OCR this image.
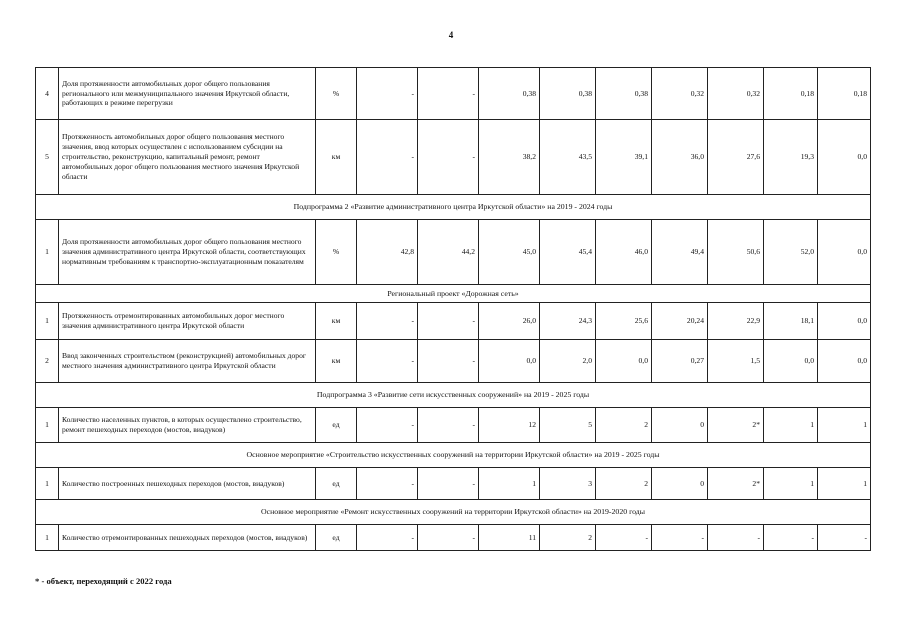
4
4	Доля протяженности автомобильных дорог общего пользования регионального или межмуниципального значения Иркутской области, работающих в режиме перегрузки	%	-	-	0,38	0,38	0,38	0,32	0,32	0,18	0,18
5	Протяженность автомобильных дорог общего пользования местного значения, ввод которых осуществлен с использованием субсидии на строительство, реконструкцию, капитальный ремонт, ремонт автомобильных дорог общего пользования местного значения Иркутской области	км	-	-	38,2	43,5	39,1	36,0	27,6	19,3	0,0
Подпрограмма 2 «Развитие административного центра Иркутской области» на 2019 - 2024 годы											
1	Доля протяженности автомобильных дорог общего пользования местного значения административного центра Иркутской области, соответствующих нормативным требованиям к транспортно-эксплуатационным показателям	%	42,8	44,2	45,0	45,4	46,0	49,4	50,6	52,0	0,0
Региональный проект «Дорожная сеть»											
1	Протяженность отремонтированных автомобильных дорог местного значения административного центра Иркутской области	км	-	-	26,0	24,3	25,6	20,24	22,9	18,1	0,0
2	Ввод законченных строительством (реконструкцией) автомобильных дорог местного значения административного центра Иркутской области	км	-	-	0,0	2,0	0,0	0,27	1,5	0,0	0,0
Подпрограмма 3 «Развитие сети искусственных сооружений» на 2019 - 2025 годы											
1	Количество населенных пунктов, в которых осуществлено строительство, ремонт пешеходных переходов (мостов, виадуков)	ед	-	-	12	5	2	0	2*	1	1
Основное мероприятие «Строительство искусственных сооружений на территории Иркутской области» на 2019 - 2025 годы											
1	Количество построенных пешеходных переходов (мостов, виадуков)	ед	-	-	1	3	2	0	2*	1	1
Основное мероприятие «Ремонт искусственных сооружений на территории Иркутской области» на 2019-2020 годы											
1	Количество отремонтированных пешеходных переходов (мостов, виадуков)	ед	-	-	11	2	-	-	-	-	-
* - объект, переходящий с 2022 года
